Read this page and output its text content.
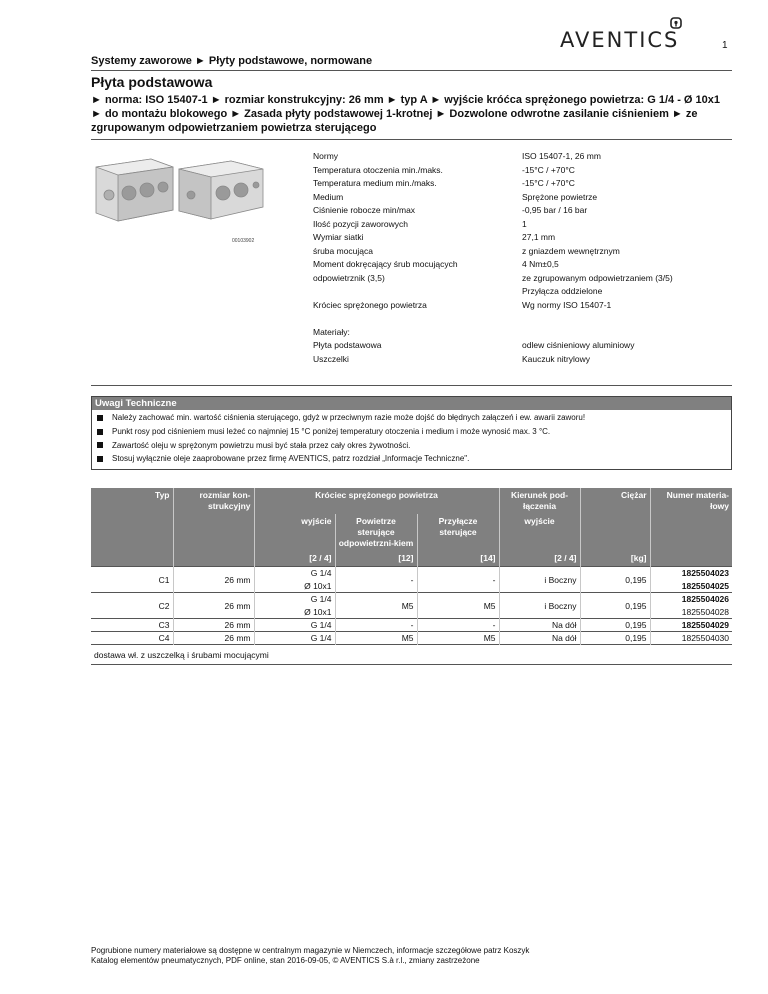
AVENTICS	1
Systemy zaworowe ► Płyty podstawowe, normowane
Płyta podstawowa
► norma: ISO 15407-1 ► rozmiar konstrukcyjny: 26 mm ► typ A ► wyjście króćca sprężonego powietrza: G 1/4 - Ø 10x1 ► do montażu blokowego ► Zasada płyty podstawowej 1-krotnej ► Dozwolone odwrotne zasilanie ciśnieniem ► ze zgrupowanym odpowietrzaniem powietrza sterującego
00103902
Normy	ISO 15407-1, 26 mm
Temperatura otoczenia min./maks.	-15°C / +70°C
Temperatura medium min./maks.	-15°C / +70°C
Medium	Sprężone powietrze
Ciśnienie robocze min/max	-0,95 bar / 16 bar
Ilość pozycji zaworowych	1
Wymiar siatki	27,1 mm
śruba mocująca	z gniazdem wewnętrznym
Moment dokręcający śrub mocujących	4 Nm±0,5
odpowietrznik (3,5)	ze zgrupowanym odpowietrzaniem (3/5)
Przyłącza oddzielone
Króciec sprężonego powietrza	Wg normy ISO 15407-1
Materiały:
Płyta podstawowa	odlew ciśnieniowy aluminiowy
Uszczelki	Kauczuk nitrylowy
Uwagi Techniczne
Należy zachować min. wartość ciśnienia sterującego, gdyż w przeciwnym razie może dojść do błędnych załączeń i ew. awarii zaworu!
Punkt rosy pod ciśnieniem musi leżeć co najmniej 15 °C poniżej temperatury otoczenia i medium i może wynosić max. 3 °C.
Zawartość oleju w sprężonym powietrzu musi być stała przez cały okres żywotności.
Stosuj wyłącznie oleje zaaprobowane przez firmę AVENTICS, patrz rozdział „Informacje Techniczne".
Typ	rozmiar kon-strukcyjny	Króciec sprężonego powietrza			Kierunek pod-łączenia	Ciężar	Numer materia-łowy
		wyjście	Powietrze sterujące odpowietrzni-kiem	Przyłącze sterujące	wyjście		
		[2 / 4]	[12]	[14]	[2 / 4]	[kg]	
C1	26 mm	G 1/4	-	-	i Boczny	0,195	1825504023
		Ø 10x1					1825504025
C2	26 mm	G 1/4	M5	M5	i Boczny	0,195	1825504026
		Ø 10x1					1825504028
C3	26 mm	G 1/4	-	-	Na dół	0,195	1825504029
C4	26 mm	G 1/4	M5	M5	Na dół	0,195	1825504030
dostawa wł. z uszczelką i śrubami mocującymi							
Pogrubione numery materiałowe są dostępne w centralnym magazynie w Niemczech, informacje szczegółowe patrz Koszyk
Katalog elementów pneumatycznych, PDF online, stan 2016-09-05, © AVENTICS S.à r.l., zmiany zastrzeżone
